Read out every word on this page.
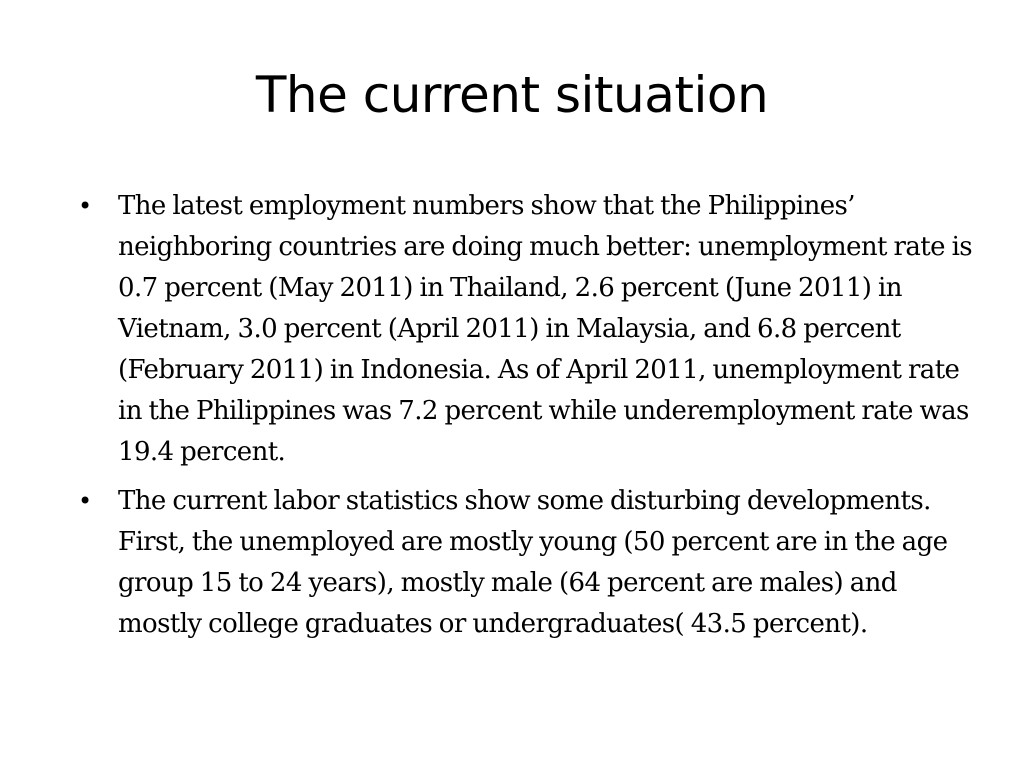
The current situation
• The latest employment numbers show that the Philippines’ neighboring countries are doing much better: unemployment rate is 0.7 percent (May 2011) in Thailand, 2.6 percent (June 2011) in Vietnam, 3.0 percent (April 2011) in Malaysia, and 6.8 percent (February 2011) in Indonesia. As of April 2011, unemployment rate in the Philippines was 7.2 percent while underemployment rate was 19.4 percent.
• The current labor statistics show some disturbing developments. First, the unemployed are mostly young (50 percent are in the age group 15 to 24 years), mostly male (64 percent are males) and mostly college graduates or undergraduates( 43.5 percent).
